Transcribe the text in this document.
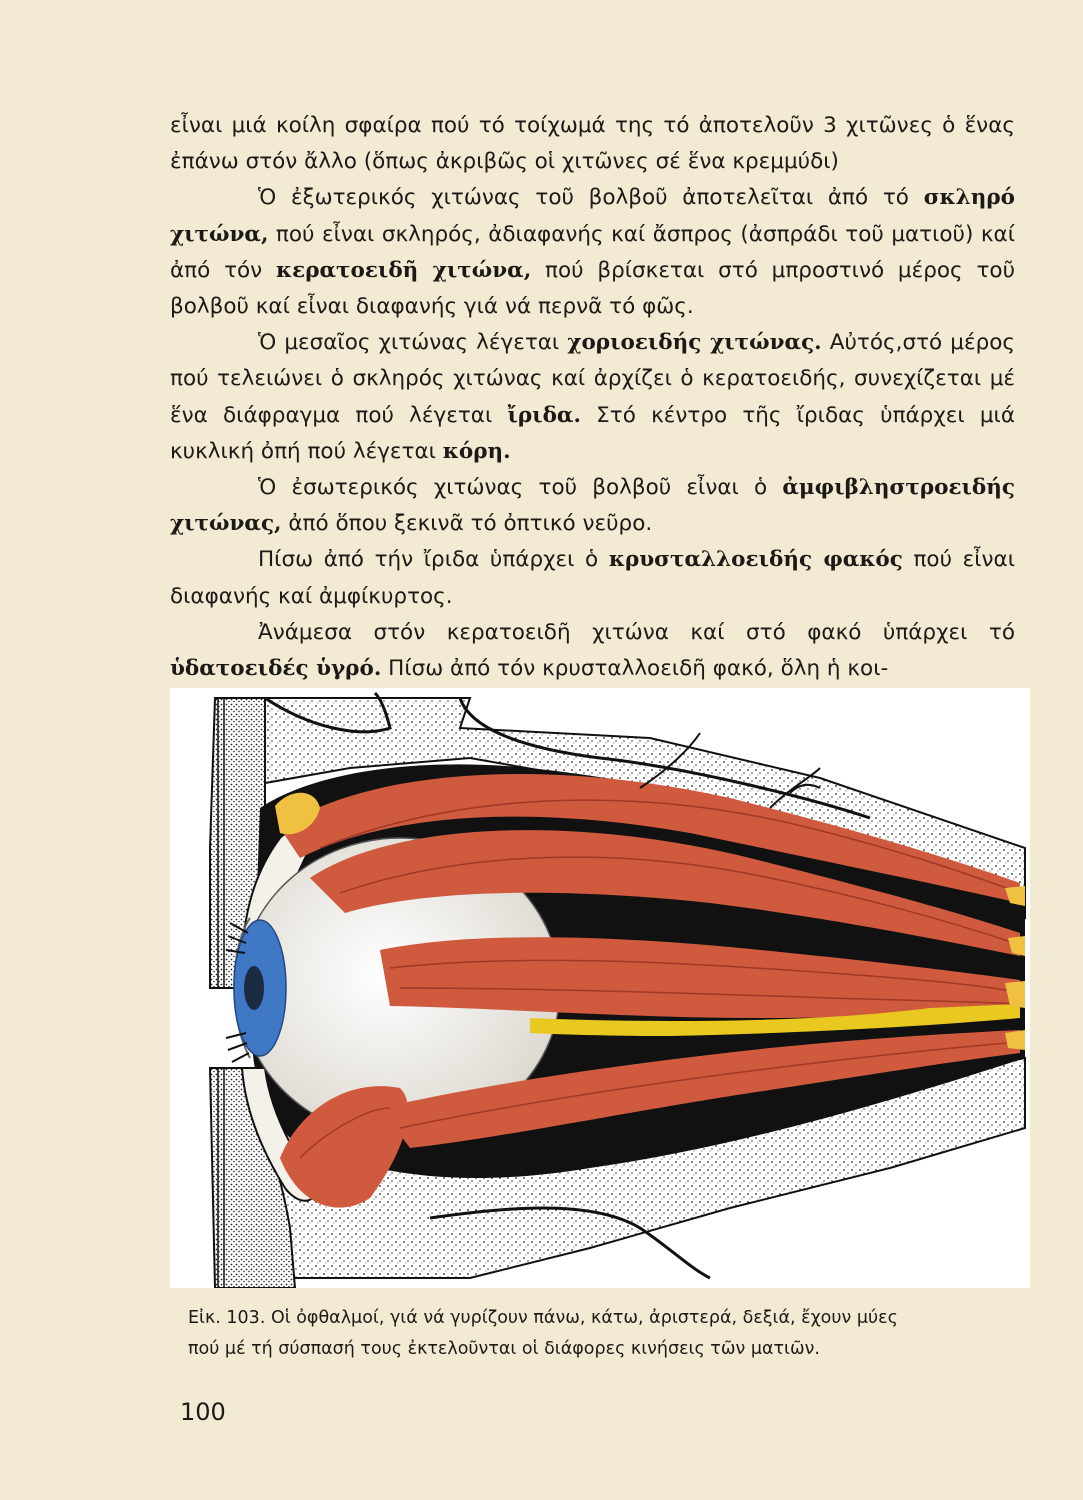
εἶναι μιά κοίλη σφαίρα πού τό τοίχωμά της τό ἀποτελοῦν 3 χιτῶνες ὁ ἕνας ἐπάνω στόν ἄλλο (ὅπως ἀκριβῶς οἱ χιτῶνες σέ ἕνα κρεμμύδι)

Ὁ ἐξωτερικός χιτώνας τοῦ βολβοῦ ἀποτελεῖται ἀπό τό σκληρό χιτώνα, πού εἶναι σκληρός, ἀδιαφανής καί ἄσπρος (ἀσπράδι τοῦ ματιοῦ) καί ἀπό τόν κερατοειδῆ χιτώνα, πού βρίσκεται στό μπροστινό μέρος τοῦ βολβοῦ καί εἶναι διαφανής γιά νά περνᾶ τό φῶς.

Ὁ μεσαῖος χιτώνας λέγεται χοριοειδής χιτώνας. Αὐτός,στό μέρος πού τελειώνει ὁ σκληρός χιτώνας καί ἀρχίζει ὁ κερατοειδής, συνεχίζεται μέ ἕνα διάφραγμα πού λέγεται ἴριδα. Στό κέντρο τῆς ἴριδας ὑπάρχει μιά κυκλική ὀπή πού λέγεται κόρη.

Ὁ ἐσωτερικός χιτώνας τοῦ βολβοῦ εἶναι ὁ ἀμφιβληστροειδής χιτώνας, ἀπό ὅπου ξεκινᾶ τό ὀπτικό νεῦρο.

Πίσω ἀπό τήν ἴριδα ὑπάρχει ὁ κρυσταλλοειδής φακός πού εἶναι διαφανής καί ἀμφίκυρτος.

Ἀνάμεσα στόν κερατοειδῆ χιτώνα καί στό φακό ὑπάρχει τό ὑδατοειδές ὑγρό. Πίσω ἀπό τόν κρυσταλλοειδῆ φακό, ὅλη ἡ κοι-

Εἰκ. 103. Οἱ ὀφθαλμοί, γιά νά γυρίζουν πάνω, κάτω, ἀριστερά, δεξιά, ἔχουν μύες

πού μέ τή σύσπασή τους ἐκτελοῦνται οἱ διάφορες κινήσεις τῶν ματιῶν.

100
